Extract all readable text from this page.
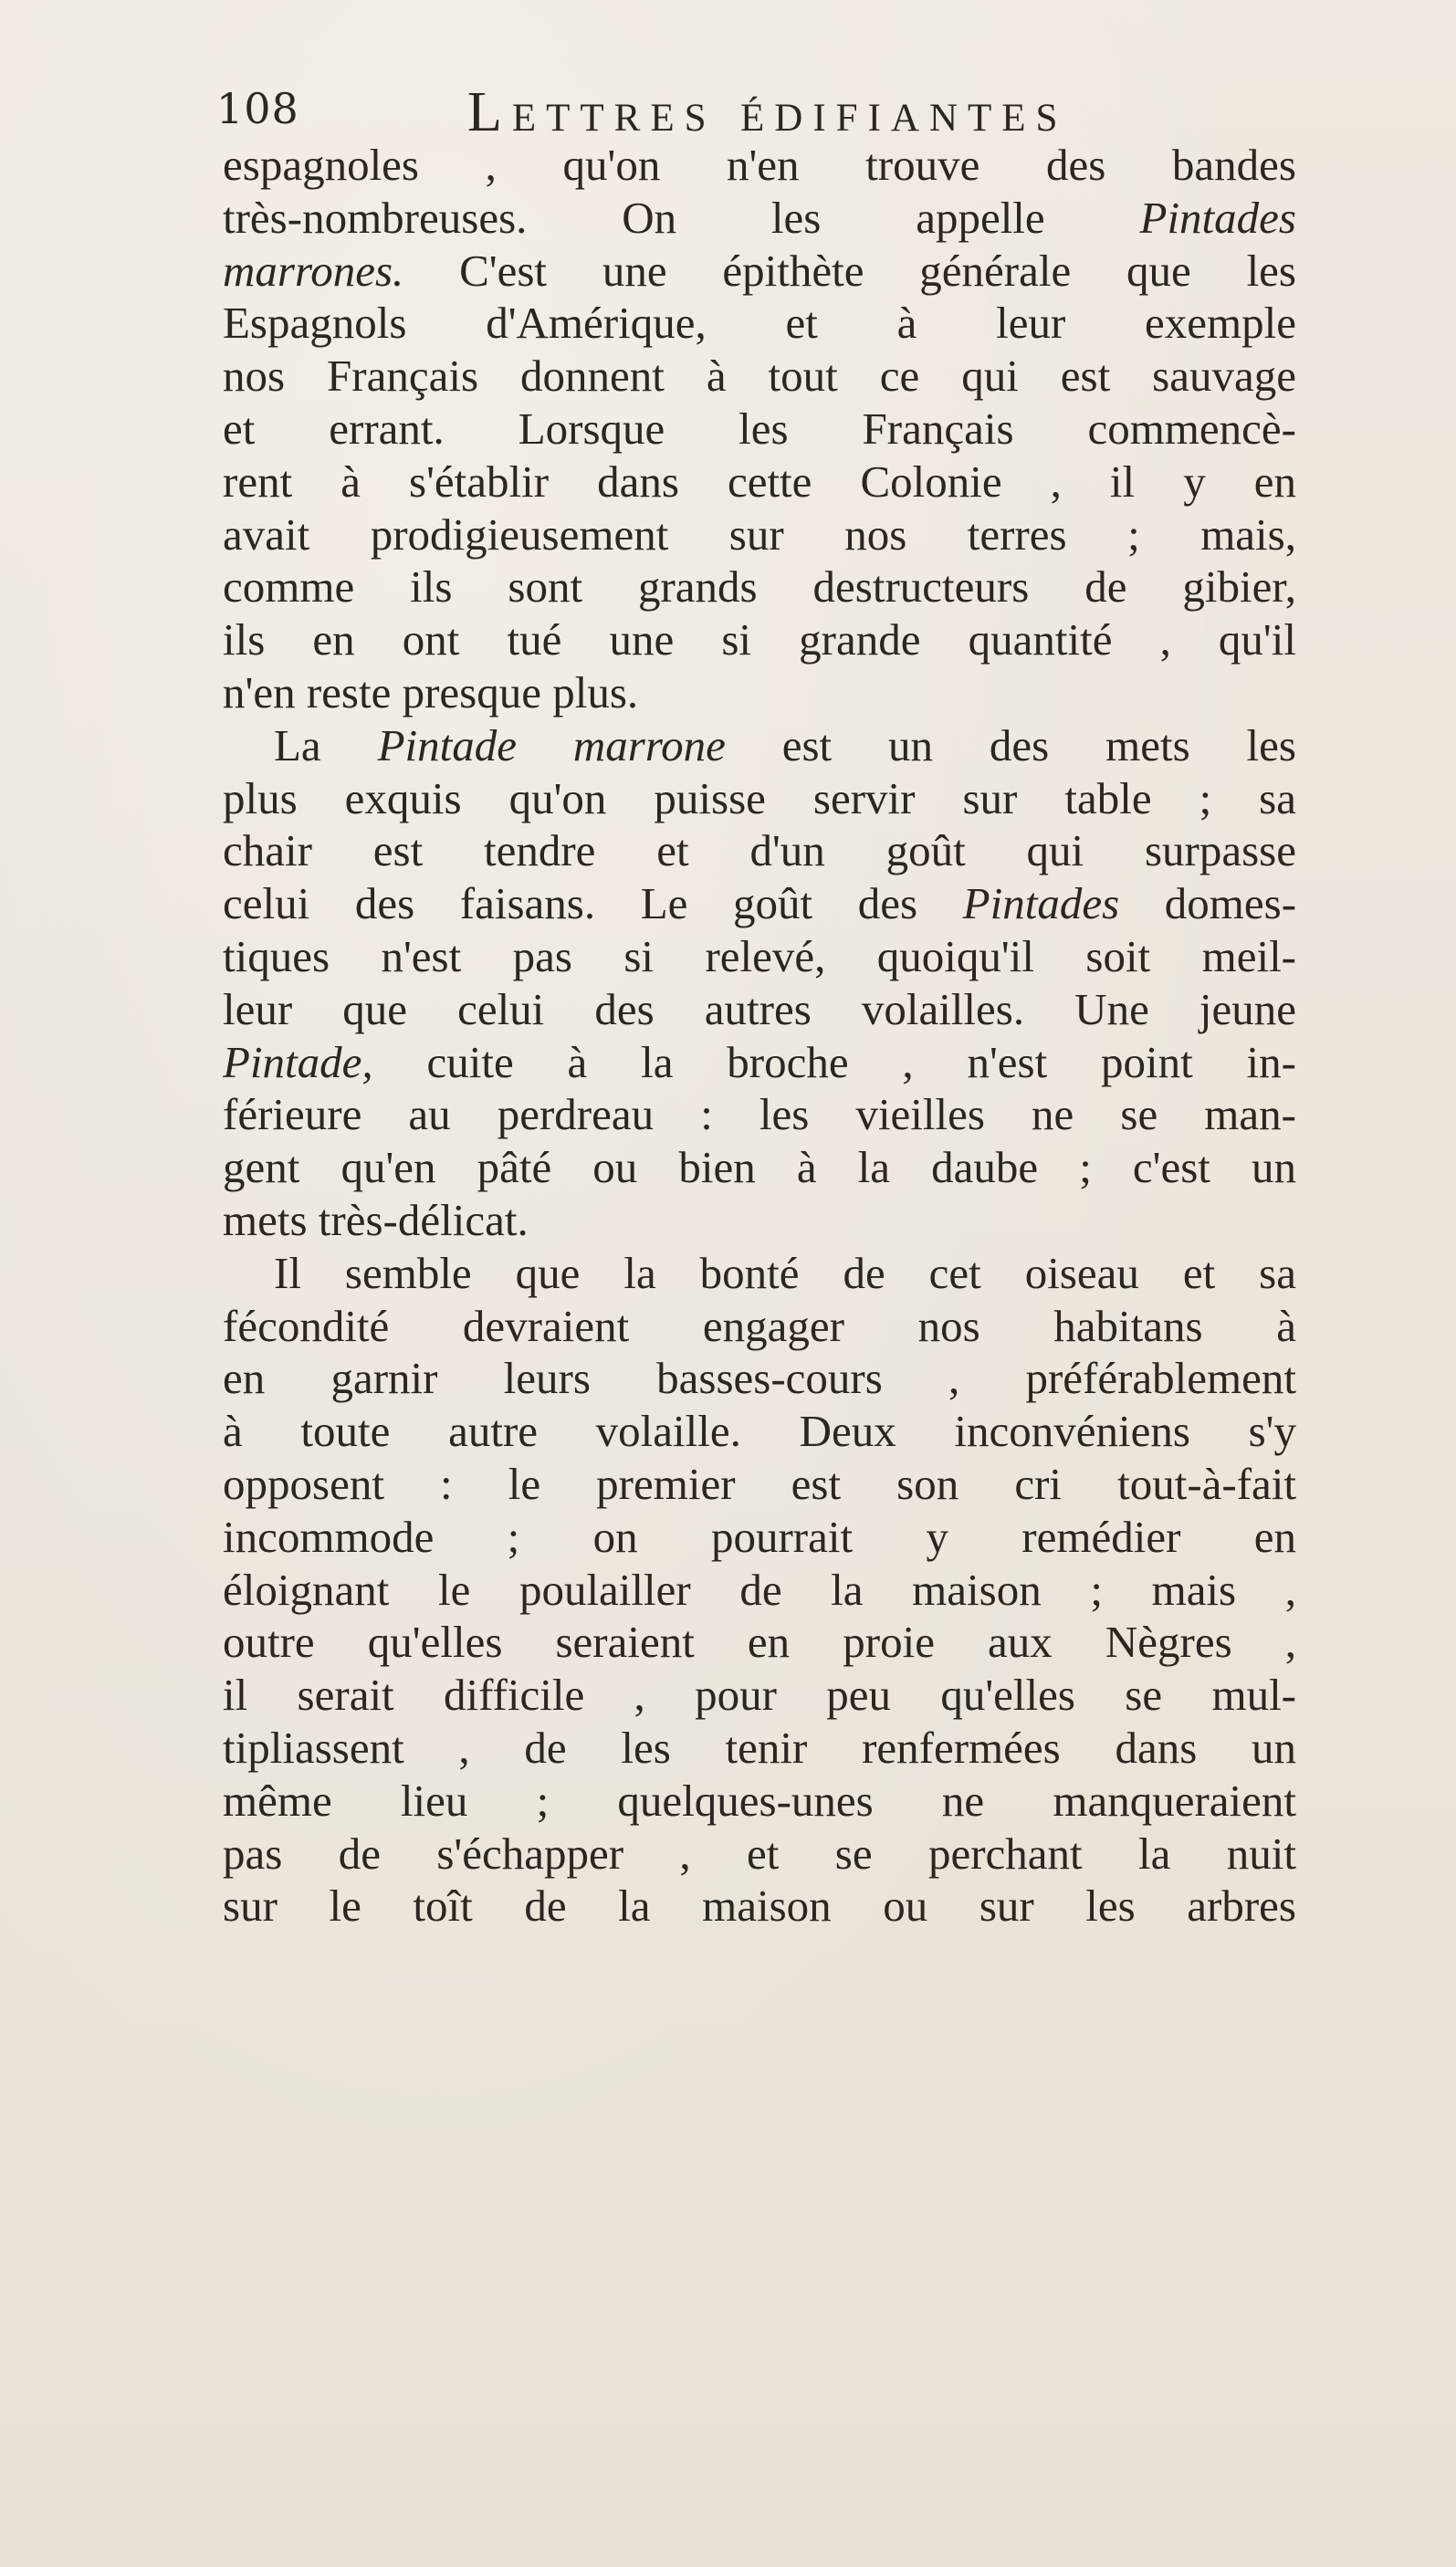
108	Lettres édifiantes
espagnoles , qu'on n'en trouve des bandes
très-nombreuses. On les appelle Pintades
marrones. C'est une épithète générale que les
Espagnols d'Amérique, et à leur exemple
nos Français donnent à tout ce qui est sauvage
et errant. Lorsque les Français commencè-
rent à s'établir dans cette Colonie , il y en
avait prodigieusement sur nos terres ; mais,
comme ils sont grands destructeurs de gibier,
ils en ont tué une si grande quantité , qu'il
n'en reste presque plus.
La Pintade marrone est un des mets les
plus exquis qu'on puisse servir sur table ; sa
chair est tendre et d'un goût qui surpasse
celui des faisans. Le goût des Pintades domes-
tiques n'est pas si relevé, quoiqu'il soit meil-
leur que celui des autres volailles. Une jeune
Pintade, cuite à la broche , n'est point in-
férieure au perdreau : les vieilles ne se man-
gent qu'en pâté ou bien à la daube ; c'est un
mets très-délicat.
Il semble que la bonté de cet oiseau et sa
fécondité devraient engager nos habitans à
en garnir leurs basses-cours , préférablement
à toute autre volaille. Deux inconvéniens s'y
opposent : le premier est son cri tout-à-fait
incommode ; on pourrait y remédier en
éloignant le poulailler de la maison ; mais ,
outre qu'elles seraient en proie aux Nègres ,
il serait difficile , pour peu qu'elles se mul-
tipliassent , de les tenir renfermées dans un
même lieu ; quelques-unes ne manqueraient
pas de s'échapper , et se perchant la nuit
sur le toît de la maison ou sur les arbres
